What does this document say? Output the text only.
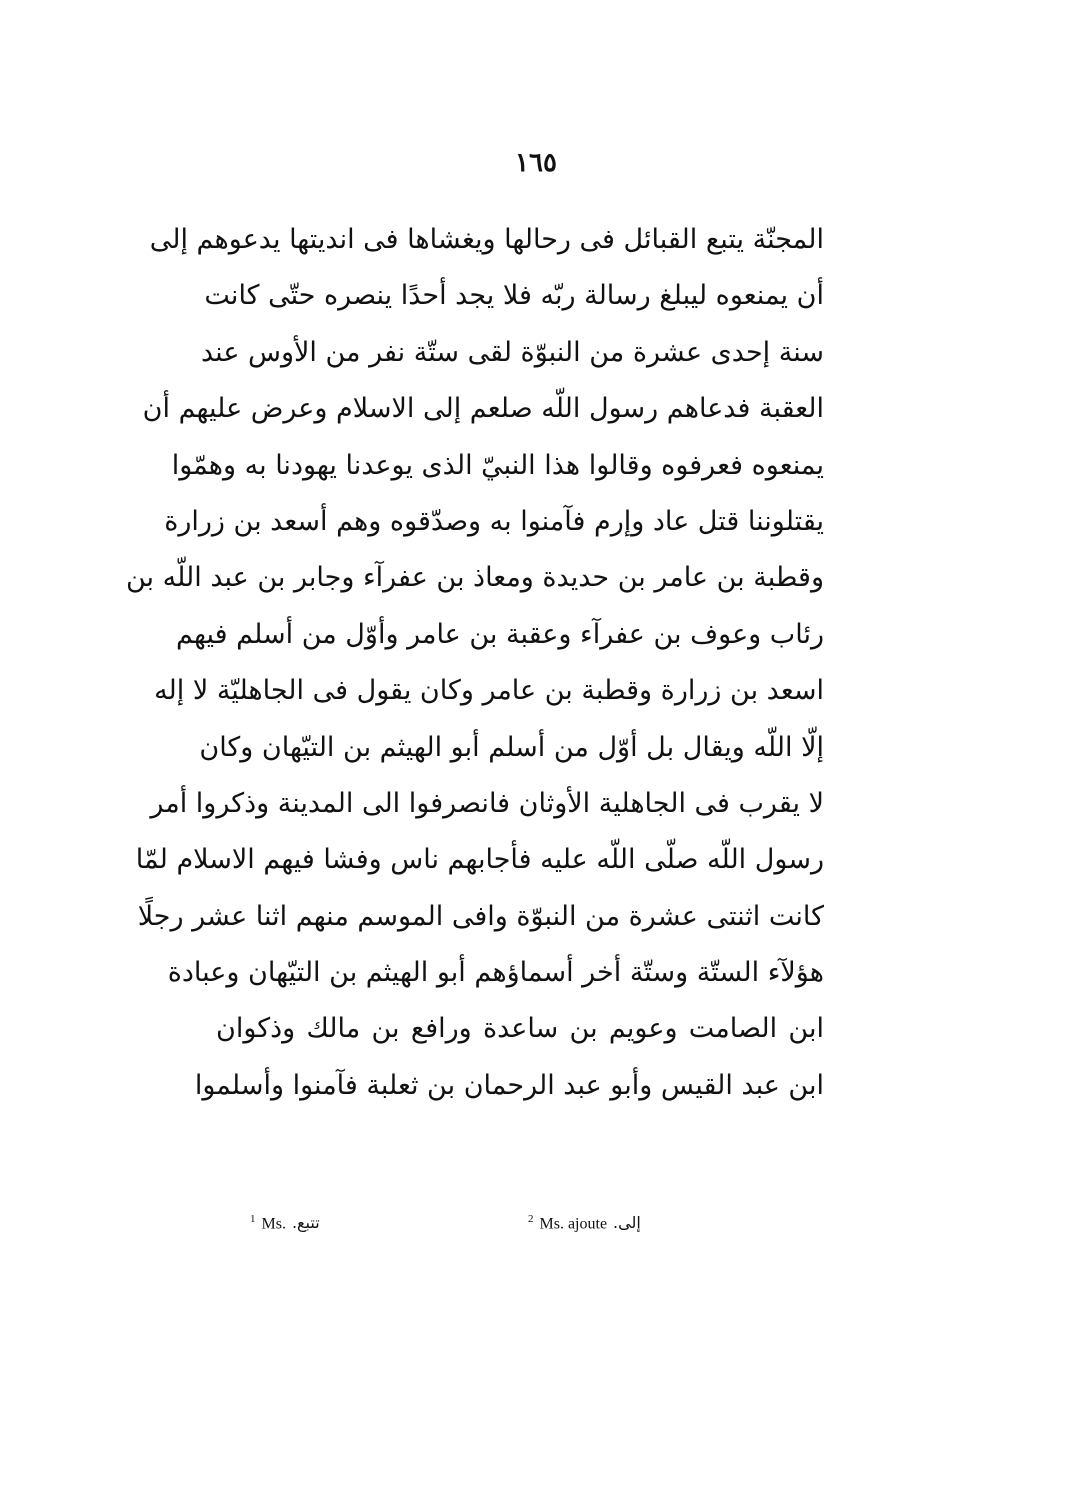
١٦٥
المجنّة يتبع القبائل فى رحالها ويغشاها فى انديتها يدعوهم إلى
أن يمنعوه ليبلغ رسالة ربّه فلا يجد أحدًا ينصره حتّى كانت
سنة إحدى عشرة من النبوّة لقى ستّة نفر من الأوس عند
العقبة فدعاهم رسول اللّه صلعم إلى الاسلام وعرض عليهم أن
يمنعوه فعرفوه وقالوا هذا النبيّ الذى يوعدنا يهودنا به وهمّوا
يقتلوننا قتل عاد وإرم فآمنوا به وصدّقوه وهم أسعد بن زرارة
وقطبة بن عامر بن حديدة ومعاذ بن عفرآء وجابر بن عبد اللّه بن
رئاب وعوف بن عفرآء وعقبة بن عامر وأوّل من أسلم فيهم
اسعد بن زرارة وقطبة بن عامر وكان يقول فى الجاهليّة لا إله
إلّا اللّه ويقال بل أوّل من أسلم أبو الهيثم بن التيّهان وكان
لا يقرب فى الجاهلية الأوثان فانصرفوا الى المدينة وذكروا أمر
رسول اللّه صلّى اللّه عليه فأجابهم ناس وفشا فيهم الاسلام لمّا
كانت اثنتى عشرة من النبوّة وافى الموسم منهم اثنا عشر رجلًا
هؤلآء الستّة وستّة أخر أسماؤهم أبو الهيثم بن التيّهان وعبادة
ابن الصامت وعويم بن ساعدة ورافع بن مالك وذكوان
ابن عبد القيس وأبو عبد الرحمان بن ثعلبة فآمنوا وأسلموا
$^1$ Ms. تتبع.	$^2$ Ms. ajoute إلى.
